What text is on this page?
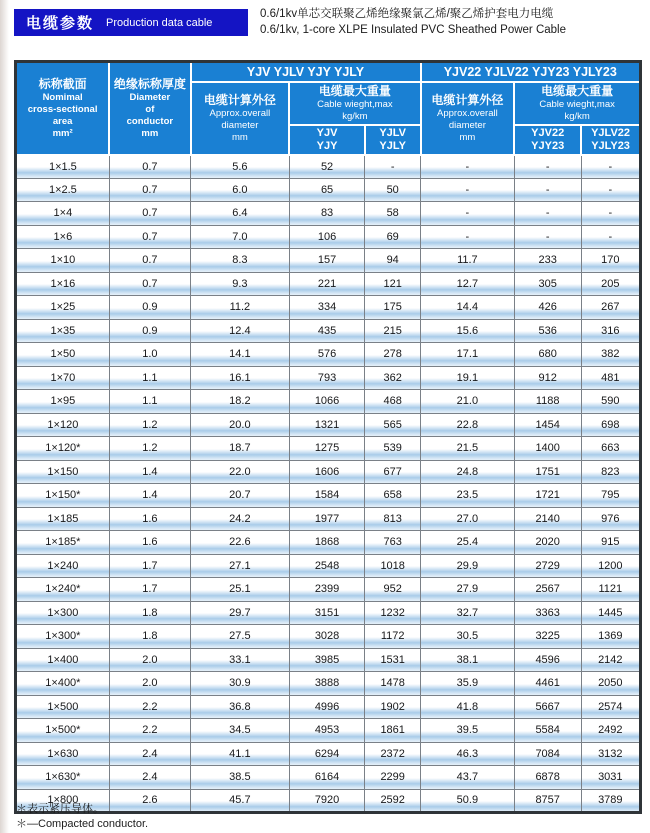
电缆参数 Production data cable
0.6/1kv单芯交联聚乙烯绝缘聚氯乙烯/聚乙烯护套电力电缆
0.6/1kv, 1-core XLPE Insulated PVC Sheathed Power Cable
标称截面
Nomimal
cross-sectional
area
mm²

绝缘标称厚度
Diameter
of
conductor
mm
	YJV YJLV YJY YJLY	YJV22 YJLV22 YJY23 YJLY23

电缆计算外径
Approx.overall
diameter
mm

电缆最大重量
Cable wieght,max
kg/km

电缆计算外径
Approx.overall
diameter
mm

电缆最大重量
Cable wieght,max
kg/km

YJV
YJY

YJLV
YJLY

YJV22
YJY23

YJLV22
YJLY23

1×1.5	0.7	5.6	52	-	-	-	-
1×2.5	0.7	6.0	65	50	-	-	-
1×4	0.7	6.4	83	58	-	-	-
1×6	0.7	7.0	106	69	-	-	-
1×10	0.7	8.3	157	94	11.7	233	170
1×16	0.7	9.3	221	121	12.7	305	205
1×25	0.9	11.2	334	175	14.4	426	267
1×35	0.9	12.4	435	215	15.6	536	316
1×50	1.0	14.1	576	278	17.1	680	382
1×70	1.1	16.1	793	362	19.1	912	481
1×95	1.1	18.2	1066	468	21.0	1188	590
1×120	1.2	20.0	1321	565	22.8	1454	698
1×120*	1.2	18.7	1275	539	21.5	1400	663
1×150	1.4	22.0	1606	677	24.8	1751	823
1×150*	1.4	20.7	1584	658	23.5	1721	795
1×185	1.6	24.2	1977	813	27.0	2140	976
1×185*	1.6	22.6	1868	763	25.4	2020	915
1×240	1.7	27.1	2548	1018	29.9	2729	1200
1×240*	1.7	25.1	2399	952	27.9	2567	1121
1×300	1.8	29.7	3151	1232	32.7	3363	1445
1×300*	1.8	27.5	3028	1172	30.5	3225	1369
1×400	2.0	33.1	3985	1531	38.1	4596	2142
1×400*	2.0	30.9	3888	1478	35.9	4461	2050
1×500	2.2	36.8	4996	1902	41.8	5667	2574
1×500*	2.2	34.5	4953	1861	39.5	5584	2492
1×630	2.4	41.1	6294	2372	46.3	7084	3132
1×630*	2.4	38.5	6164	2299	43.7	6878	3031
1×800	2.6	45.7	7920	2592	50.9	8757	3789
＊表示紧压导体。
＊—Compacted conductor.
